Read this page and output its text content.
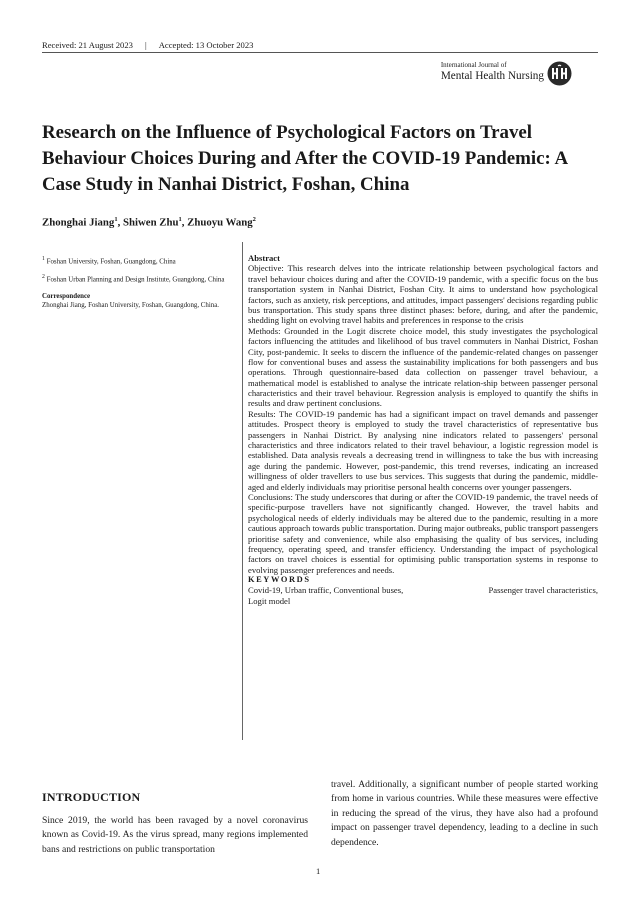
Received: 21 August 2023 | Accepted: 13 October 2023
International Journal of
Mental Health Nursing
Research on the Influence of Psychological Factors on Travel Behaviour Choices During and After the COVID-19 Pandemic: A Case Study in Nanhai District, Foshan, China
Zhonghai Jiang$^1$, Shiwen Zhu$^1$, Zhuoyu Wang$^2$

$^1$ Foshan University, Foshan, Guangdong, China

$^2$ Foshan Urban Planning and Design Institute, Guangdong, China

Correspondence

Zhonghai Jiang, Foshan University, Foshan, Guangdong, China.

Abstract

Objective: This research delves into the intricate relationship between psychological factors and travel behaviour choices during and after the COVID-19 pandemic, with a specific focus on the bus transportation system in Nanhai District, Foshan City. It aims to understand how psychological factors, such as anxiety, risk perceptions, and attitudes, impact passengers' decisions regarding public bus transportation. This study spans three distinct phases: before, during, and after the pandemic, shedding light on evolving travel habits and preferences in response to the crisis

Methods: Grounded in the Logit discrete choice model, this study investigates the psychological factors influencing the attitudes and likelihood of bus travel commuters in Nanhai District, Foshan City, post-pandemic. It seeks to discern the influence of the pandemic-related changes on passenger flow for conventional buses and assess the sustainability implications for both passengers and bus operations. Through questionnaire-based data collection on passenger travel behaviour, a mathematical model is established to analyse the intricate relation-ship between passenger personal characteristics and their travel behaviour. Regression analysis is employed to quantify the shifts in results and draw pertinent conclusions.

Results: The COVID-19 pandemic has had a significant impact on travel demands and passenger attitudes. Prospect theory is employed to study the travel characteristics of representative bus passengers in Nanhai District. By analysing nine indicators related to passengers' personal characteristics and three indicators related to their travel behaviour, a logistic regression model is established. Data analysis reveals a decreasing trend in willingness to take the bus with increasing age during the pandemic. However, post-pandemic, this trend reverses, indicating an increased willingness of older travellers to use bus services. This suggests that during the pandemic, middle-aged and elderly individuals may prioritise personal health concerns over younger passengers.

Conclusions: The study underscores that during or after the COVID-19 pandemic, the travel needs of specific-purpose travellers have not significantly changed. However, the travel habits and psychological needs of elderly individuals may be altered due to the pandemic, resulting in a more cautious approach towards public transportation. During major outbreaks, public transport passengers prioritise safety and convenience, while also emphasising the quality of bus services, including frequency, operating speed, and transfer efficiency. Understanding the impact of psychological factors on travel choices is essential for optimising public transportation systems in response to evolving passenger preferences and needs.

KEYWORDS

Covid-19, Urban traffic, Conventional buses,	Passenger travel characteristics,

Logit model

INTRODUCTION
Since 2019, the world has been ravaged by a novel coronavirus known as Covid-19. As the virus spread, many regions implemented bans and restrictions on public transportation
travel. Additionally, a significant number of people started working from home in various countries. While these measures were effective in reducing the spread of the virus, they have also had a profound impact on passenger travel dependency, leading to a decline in such dependence.
1
